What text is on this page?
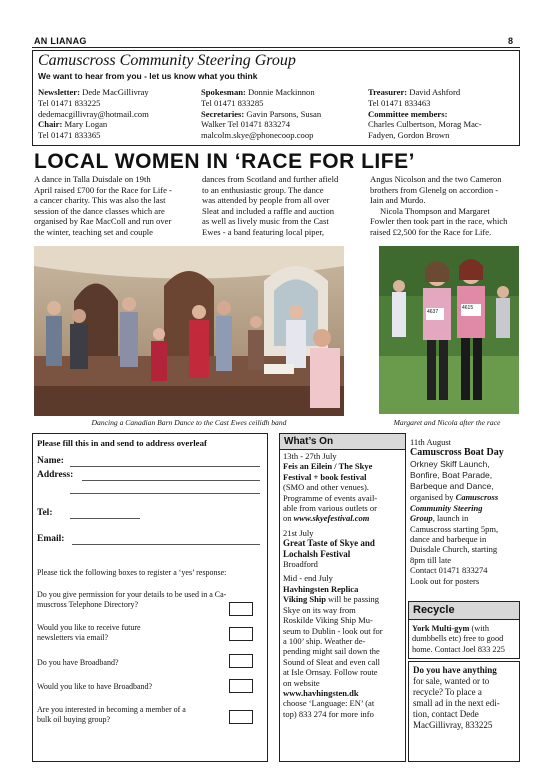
AN LIANAG	8
Camuscross Community Steering Group
We want to hear from you - let us know what you think
Newsletter: Dede MacGillivray
Tel 01471 833225
dedemacgillivray@hotmail.com
Chair: Mary Logan
Tel 01471 833365
Spokesman: Donnie Mackinnon
Tel 01471 833285
Secretaries: Gavin Parsons, Susan
Walker Tel 01471 833274
malcolm.skye@phonecoop.coop
Treasurer: David Ashford
Tel 01471 833463
Committee members:
Charles Culbertson, Morag Mac-
Fadyen, Gordon Brown
LOCAL WOMEN IN ‘RACE FOR LIFE’
A dance in Talla Duisdale on 19th
April raised £700 for the Race for Life -
a cancer charity. This was also the last
session of the dance classes which are
organised by Rae MacColl and run over
the winter, teaching set and couple
dances from Scotland and further afield
to an enthusiastic group. The dance
was attended by people from all over
Sleat and included a raffle and auction
as well as lively music from the Cast
Ewes - a band featuring local piper,
Angus Nicolson and the two Cameron
brothers from Glenelg on accordion -
Iain and Murdo.
Nicola Thompson and Margaret
Fowler then took part in the race, which
raised £2,500 for the Race for Life.
Dancing a Canadian Barn Dance to the Cast Ewes ceilidh band
4637
4615
Margaret and Nicola after the race
Please fill this in and send to address overleaf
Name:
Address:
Tel:
Email:
Please tick the following boxes to register a ‘yes’ response:
Do you give permission for your details to be used in a Ca-
muscross Telephone Directory?
Would you like to receive future
newsletters via email?
Do you have Broadband?
Would you like to have Broadband?
Are you interested in becoming a member of a
bulk oil buying group?
What’s On
13th - 27th July
Feis an Eilein / The Skye
Festival + book festival
(SMO and other venues).
Programme of events avail-
able from various outlets or
on www.skyefestival.com
21st July
Great Taste of Skye and
Lochalsh Festival
Broadford
Mid - end July
Havhingsten Replica
Viking Ship will be passing
Skye on its way from
Roskilde Viking Ship Mu-
seum to Dublin - look out for
a 100’ ship. Weather de-
pending might sail down the
Sound of Sleat and even call
at Isle Ornsay. Follow route
on website
www.havhingsten.dk
choose ‘Language: EN’ (at
top) 833 274 for more info
11th August
Camuscross Boat Day
Orkney Skiff Launch,
Bonfire, Boat Parade,
Barbeque and Dance,
organised by Camuscross
Community Steering
Group, launch in
Camuscross starting 5pm,
dance and barbeque in
Duisdale Church, starting
8pm till late
Contact 01471 833274
Look out for posters
Recycle
York Multi-gym (with
dumbbells etc) free to good
home. Contact Joel 833 225
Do you have anything
for sale, wanted or to
recycle? To place a
small ad in the next edi-
tion, contact Dede
MacGillivray, 833225
